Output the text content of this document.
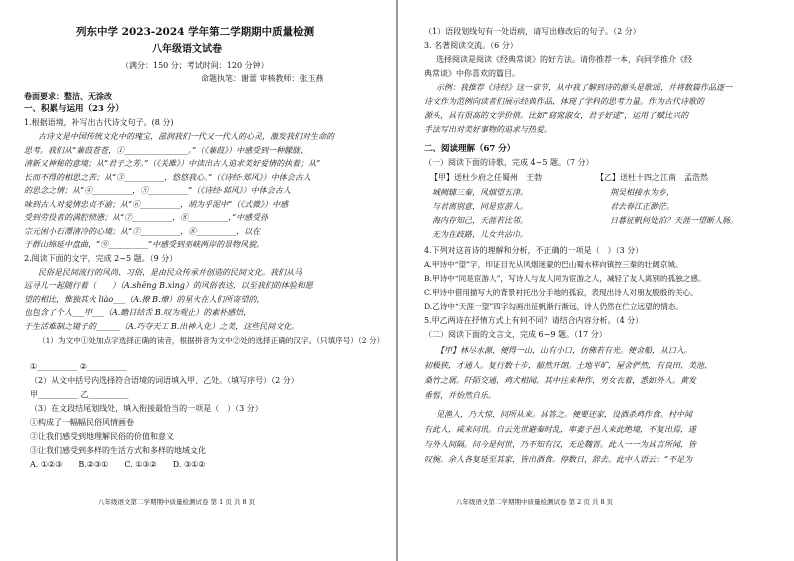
列东中学 2023-2024 学年第二学期期中质量检测
八年级语文试卷
（满分：150 分；考试时间：120 分钟）
命题执笔：谢蕾 审核教师：张玉燕
卷面要求：整洁、无涂改
一、积累与运用（23 分）
1.根据语境，补写出古代诗文句子。(8 分)
古诗文是中国传统文化中的瑰宝，滋润我们一代又一代人的心灵，激发我们对生命的
思考。我们从“蒹葭苍苍，①________________。”（《蒹葭》）中感受到一种朦胧、
清新又神秘的意境；从“君子之芳。”（《关雎》）中读出古人追求美好爱情的执着；从“
长而不得的相思之苦；从“③__________，悠悠我心。”（《诗经·郑风》）中体会古人
的思念之情；从“④__________，⑤__________”（《诗经·邶风》）中体会古人
味到古人对爱情忠贞不渝；从“⑥__________，胡为乎泥中”（《式微》）中感
受到劳役者的满腔愤懑；从“⑦__________，⑧__________，”中感受孙
宗元困小石潭清冷的心境；从“⑦__________，⑧__________，以在
于群山绵延中盘曲，“⑨__________”中感受到巫峡两岸的景物风貌。
2.阅读下面的文字，完成 2~5 题。（9 分）
民俗是民间流行的风尚、习俗，是由民众传承并创造的民间文化。我们从马
远寻儿一起随行着（　　）（A.shēng B.xìng）的风俗表达，以至我们的体验和愿
望的相比，惟独其火 liào___（A.撩 B.燎）的星火在人们所寄望的，
也包含了个人___甲___（A.瞻目结舌 B.叹为观止）的素朴感悟，
于生活难制之镜子的______（A.巧夺天工 B.出神入化）之美，这些民间文化。
（1）为文中①处加点字选择正确的读音，根据拼音为文中②处的选择正确的汉字。（只填序号）（2 分）
①__________ ②__________
（2）从文中括号内选择符合语境的词语填入甲、乙处。（填写序号）（2 分）
甲__________ 乙__________
（3）在文段结尾划线处，填入衔接最恰当的一项是（　）（3 分）
①构成了一幅幅民俗风情画卷
②让我们感受到地理解民俗的价值和意义
③让我们感受到多样的生活方式和多样的地域文化
A. ①②③　　B.②③①　　C. ①③②　　D. ③①②
八年级语文第二学期期中质量检测试卷 第 1 页 共 8 页
（1）语段划线句有一处语病，请写出修改后的句子。（2 分）
3. 名著阅读交流。（6 分）
选择阅读是阅读《经典常谈》的好方法。请你推荐一本，向同学推介《经
典常谈》中你喜欢的篇目。
示例：我推荐《诗经》这一章节，从中我了解到诗的源头是歌谣，并将数篇作品逐一
诗文作为范例向读者们展示经典作品，体现了学科的思考力量。作为古代诗歌的
源头，具有很高的文学价值。比如“窈窕淑女，君子好逑”，运用了赋比兴的
手法写出对美好事物的追求与热爱。
二、阅读理解（67 分）
（一）阅读下面的诗歌，完成 4~5 题。（7 分）
【甲】送杜少府之任蜀州　王勃
城阙辅三秦，风烟望五津。
与君离别意，同是宦游人。
海内存知己，天涯若比邻。
无为在歧路，儿女共沾巾。
【乙】送杜十四之江南　孟浩然
荆吴相接水为乡，
君去春江正渺茫。
日暮征帆何处泊？天涯一望断人肠。
4.下列对这首诗的理解和分析，不正确的一项是（　）（3 分）
A.甲诗中“望”字，印证目光从风烟迷蒙的巴山蜀水移向镇控三秦的壮阔京城。
B.甲诗中“同是宦游人”，写诗人与友人同为宦游之人，减轻了友人离别的孤独之感。
C.甲诗中借用描写大的背景衬托出分手地的孤寂，表现出诗人对朋友殷殷的关心。
D.乙诗中“天涯一望”四字勾画出征帆渐行渐远，诗人仍然在伫立远望的情态。
5.甲乙两诗在抒情方式上有何不同？请结合内容分析。（4 分）
（二）阅读下面的文言文，完成 6~9 题。（17 分）
【甲】林尽水源，便得一山，山有小口，仿佛若有光。便舍船，从口入。
初极狭，才通人。复行数十步，豁然开朗。土地平旷，屋舍俨然，有良田、美池、
桑竹之属。阡陌交通，鸡犬相闻。其中往来种作，男女衣着，悉如外人。黄发
垂髫，并怡然自乐。
见渔人，乃大惊，问所从来。具答之。便要还家，设酒杀鸡作食。村中闻
有此人，咸来问讯。自云先世避秦时乱，率妻子邑人来此绝境，不复出焉，遂
与外人间隔。问今是何世，乃不知有汉，无论魏晋。此人一一为具言所闻，皆
叹惋。余人各复延至其家，皆出酒食。停数日，辞去。此中人语云：“不足为
八年级语文第二学期期中质量检测试卷 第 2 页 共 8 页
